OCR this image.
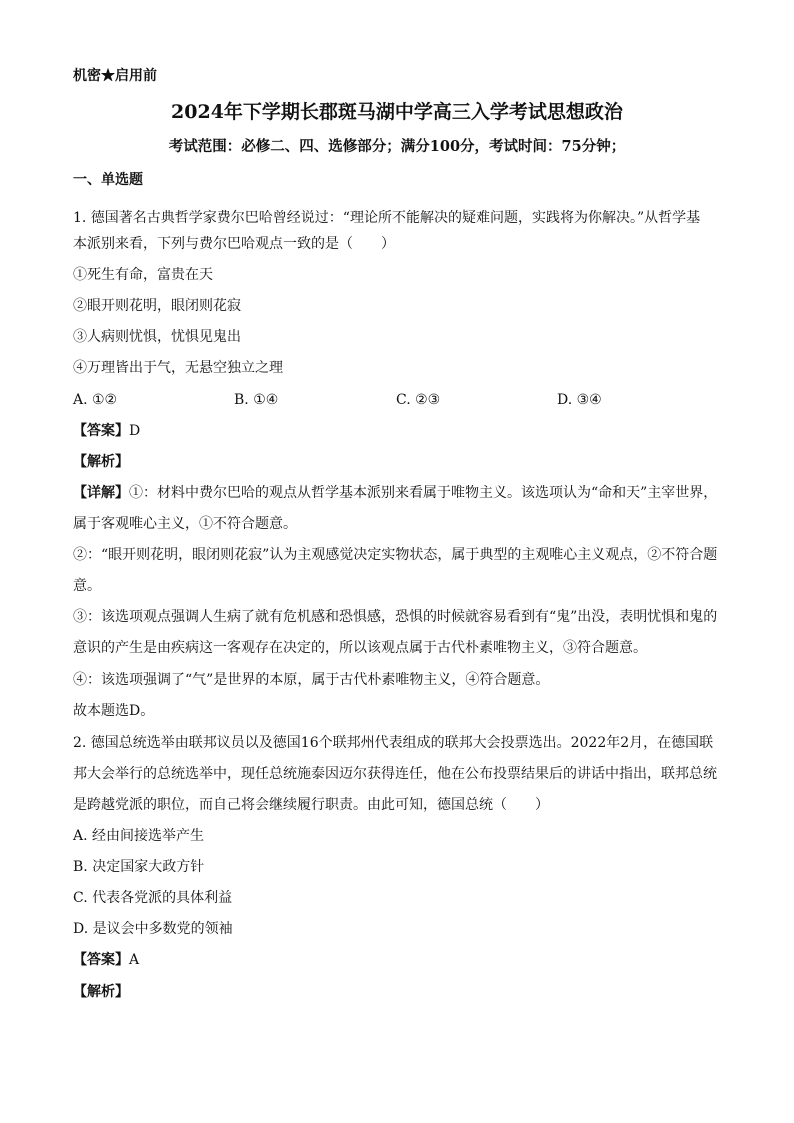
机密★启用前
2024年下学期长郡斑马湖中学高三入学考试思想政治
考试范围：必修二、四、选修部分；满分100分，考试时间：75分钟；
一、单选题
1. 德国著名古典哲学家费尔巴哈曾经说过：“理论所不能解决的疑难问题，实践将为你解决。”从哲学基
本派别来看，下列与费尔巴哈观点一致的是（　　）
①死生有命，富贵在天
②眼开则花明，眼闭则花寂
③人病则忧惧，忧惧见鬼出
④万理皆出于气，无悬空独立之理
A. ①②	B. ①④	C. ②③	D. ③④
【答案】D
【解析】
【详解】①：材料中费尔巴哈的观点从哲学基本派别来看属于唯物主义。该选项认为“命和天”主宰世界，
属于客观唯心主义，①不符合题意。
②：“眼开则花明，眼闭则花寂”认为主观感觉决定实物状态，属于典型的主观唯心主义观点，②不符合题
意。
③：该选项观点强调人生病了就有危机感和恐惧感，恐惧的时候就容易看到有“鬼”出没，表明忧惧和鬼的
意识的产生是由疾病这一客观存在决定的，所以该观点属于古代朴素唯物主义，③符合题意。
④：该选项强调了“气”是世界的本原，属于古代朴素唯物主义，④符合题意。
故本题选D。
2. 德国总统选举由联邦议员以及德国16个联邦州代表组成的联邦大会投票选出。2022年2月，在德国联
邦大会举行的总统选举中，现任总统施泰因迈尔获得连任，他在公布投票结果后的讲话中指出，联邦总统
是跨越党派的职位，而自己将会继续履行职责。由此可知，德国总统（　　）
A. 经由间接选举产生
B. 决定国家大政方针
C. 代表各党派的具体利益
D. 是议会中多数党的领袖
【答案】A
【解析】
